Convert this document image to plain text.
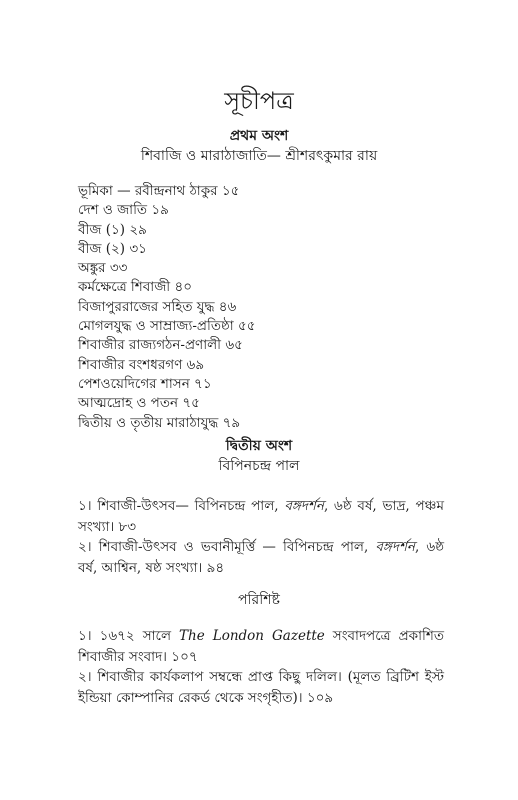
সূচীপত্র
প্রথম অংশ
শিবাজি ও মারাঠাজাতি— শ্রীশরৎকুমার রায়
ভূমিকা — রবীন্দ্রনাথ ঠাকুর ১৫
দেশ ও জাতি ১৯
বীজ (১) ২৯
বীজ (২) ৩১
অঙ্কুর ৩৩
কর্মক্ষেত্রে শিবাজী ৪০
বিজাপুররাজের সহিত যুদ্ধ ৪৬
মোগলযুদ্ধ ও সাম্রাজ্য-প্রতিষ্ঠা ৫৫
শিবাজীর রাজ্যগঠন-প্রণালী ৬৫
শিবাজীর বংশধরগণ ৬৯
পেশওয়েদিগের শাসন ৭১
আত্মদ্রোহ ও পতন ৭৫
দ্বিতীয় ও তৃতীয় মারাঠাযুদ্ধ ৭৯
দ্বিতীয় অংশ
বিপিনচন্দ্র পাল
১। শিবাজী-উৎসব— বিপিনচন্দ্র পাল, বঙ্গদর্শন, ৬ষ্ঠ বর্ষ, ভাদ্র, পঞ্চম সংখ্যা। ৮৩
২। শিবাজী-উৎসব ও ভবানীমূর্ত্তি — বিপিনচন্দ্র পাল, বঙ্গদর্শন, ৬ষ্ঠ বর্ষ, আশ্বিন, ষষ্ঠ সংখ্যা। ৯৪
পরিশিষ্ট
১। ১৬৭২ সালে The London Gazette সংবাদপত্রে প্রকাশিত শিবাজীর সংবাদ। ১০৭
২। শিবাজীর কার্যকলাপ সম্বন্ধে প্রাপ্ত কিছু দলিল। (মূলত ব্রিটিশ ইস্ট ইন্ডিয়া কোম্পানির রেকর্ড থেকে সংগৃহীত)। ১০৯
